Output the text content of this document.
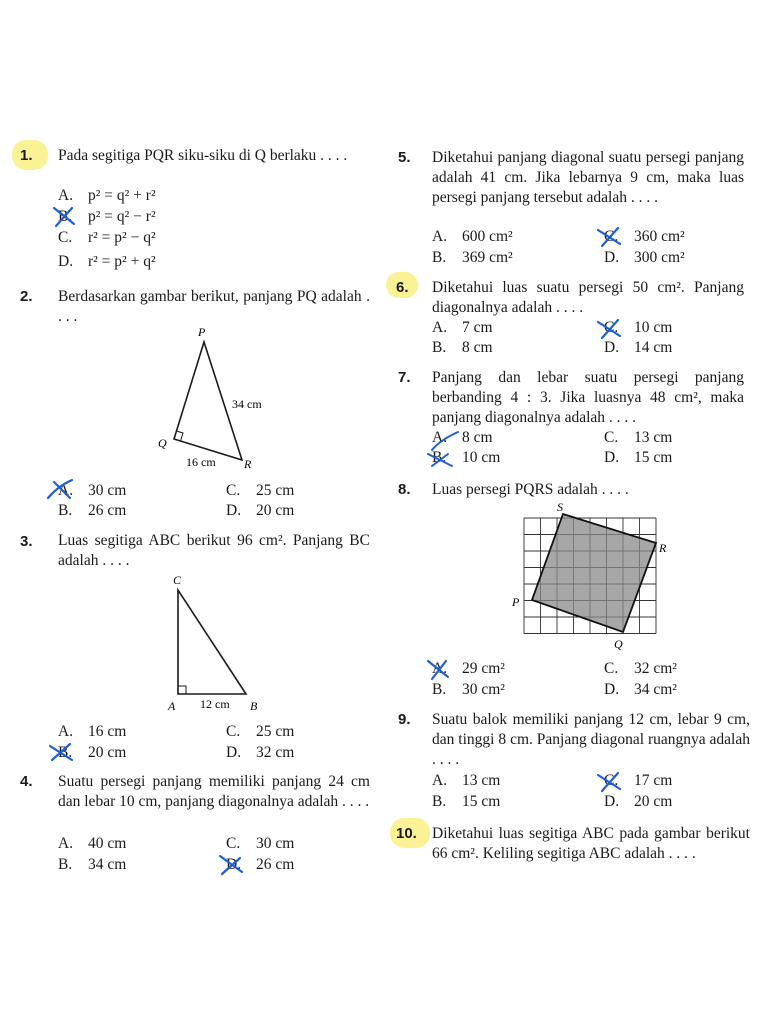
1. Pada segitiga PQR siku-siku di Q berlaku . . . .
A. p² = q² + r²
B. p² = q² − r²
C. r² = p² − q²
D. r² = p² + q²
2. Berdasarkan gambar berikut, panjang PQ adalah . . . .
A. 30 cm
B. 26 cm
C. 25 cm
D. 20 cm
P
Q
R
34 cm
16 cm
3. Luas segitiga ABC berikut 96 cm². Panjang BC adalah . . . .
A. 16 cm
B. 20 cm
C. 25 cm
D. 32 cm
C
A	B
12 cm
4. Suatu persegi panjang memiliki panjang 24 cm dan lebar 10 cm, panjang diagonalnya adalah . . . .
A. 40 cm
B. 34 cm
C. 30 cm
D. 26 cm
5. Diketahui panjang diagonal suatu persegi panjang adalah 41 cm. Jika lebarnya 9 cm, maka luas persegi panjang tersebut adalah . . . .
A. 600 cm²
B. 369 cm²
C. 360 cm²
D. 300 cm²
6. Diketahui luas suatu persegi 50 cm². Panjang diagonalnya adalah . . . .
A. 7 cm
B. 8 cm
C. 10 cm
D. 14 cm
7. Panjang dan lebar suatu persegi panjang berbanding 4 : 3. Jika luasnya 48 cm², maka panjang diagonalnya adalah . . . .
A. 8 cm
B. 10 cm
C. 13 cm
D. 15 cm
8. Luas persegi PQRS adalah . . . .
A. 29 cm²
B. 30 cm²
C. 32 cm²
D. 34 cm²
S
R
P
Q
9. Suatu balok memiliki panjang 12 cm, lebar 9 cm, dan tinggi 8 cm. Panjang diagonal ruangnya adalah . . . .
A. 13 cm
B. 15 cm
C. 17 cm
D. 20 cm
10. Diketahui luas segitiga ABC pada gambar berikut 66 cm². Keliling segitiga ABC adalah . . . .
